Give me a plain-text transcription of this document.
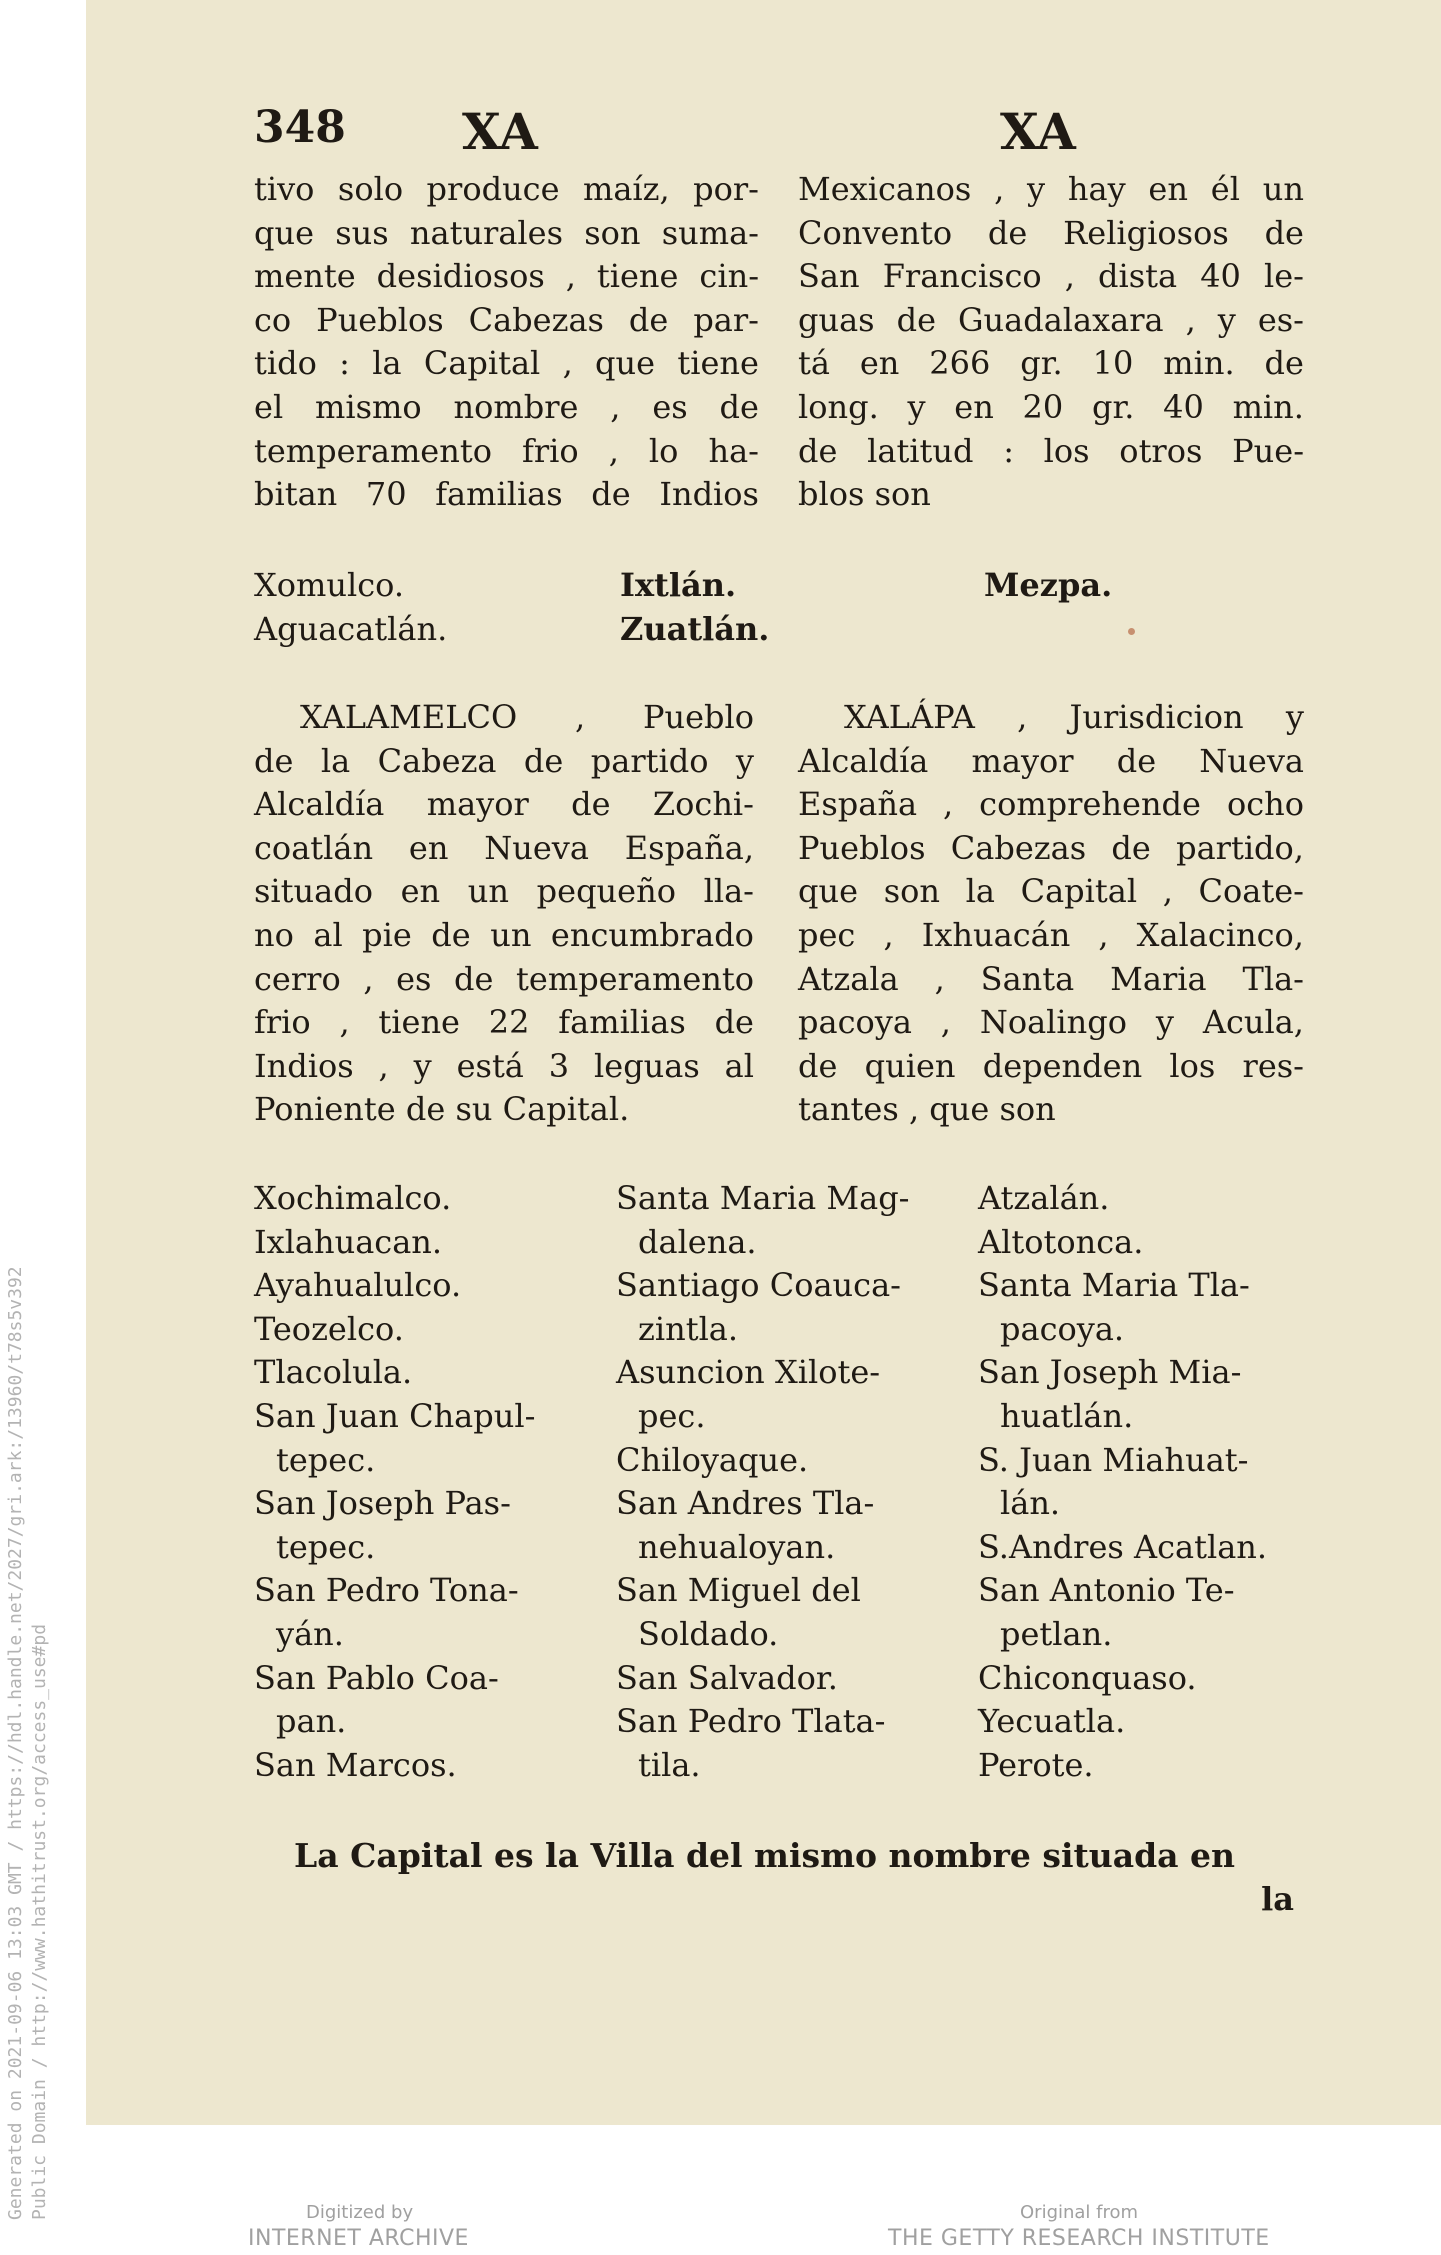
Generated on 2021-09-06 13:03 GMT / https://hdl.handle.net/2027/gri.ark:/13960/t78s5v392 Public Domain / http://www.hathitrust.org/access_use#pd
348 XA	XA
tivo solo produce maíz, por-
que sus naturales son suma-
mente desidiosos , tiene cin-
co Pueblos Cabezas de par-
tido : la Capital , que tiene
el mismo nombre , es de
temperamento frio , lo ha-
bitan 70 familias de Indios
Mexicanos , y hay en él un
Convento de Religiosos de
San Francisco , dista 40 le-
guas de Guadalaxara , y es-
tá en 266 gr. 10 min. de
long. y en 20 gr. 40 min.
de latitud : los otros Pue-
blos son
Xomulco.
Aguacatlán.
Ixtlán.
Zuatlán.
Mezpa.
XALAMELCO , Pueblo
de la Cabeza de partido y
Alcaldía mayor de Zochi-
coatlán en Nueva España,
situado en un pequeño lla-
no al pie de un encumbrado
cerro , es de temperamento
frio , tiene 22 familias de
Indios , y está 3 leguas al
Poniente de su Capital.
XALÁPA , Jurisdicion y
Alcaldía mayor de Nueva
España , comprehende ocho
Pueblos Cabezas de partido,
que son la Capital , Coate-
pec , Ixhuacán , Xalacinco,
Atzala , Santa Maria Tla-
pacoya , Noalingo y Acula,
de quien dependen los res-
tantes , que son
Xochimalco.
Ixlahuacan.
Ayahualulco.
Teozelco.
Tlacolula.
San Juan Chapul-
tepec.
San Joseph Pas-
tepec.
San Pedro Tona-
yán.
San Pablo Coa-
pan.
San Marcos.
Santa Maria Mag-
dalena.
Santiago Coauca-
zintla.
Asuncion Xilote-
pec.
Chiloyaque.
San Andres Tla-
nehualoyan.
San Miguel del
Soldado.
San Salvador.
San Pedro Tlata-
tila.
Atzalán.
Altotonca.
Santa Maria Tla-
pacoya.
San Joseph Mia-
huatlán.
S. Juan Miahuat-
lán.
S.Andres Acatlan.
San Antonio Te-
petlan.
Chiconquaso.
Yecuatla.
Perote.
La Capital es la Villa del mismo nombre situada en
la
Digitized by
INTERNET ARCHIVE
Original from
THE GETTY RESEARCH INSTITUTE
